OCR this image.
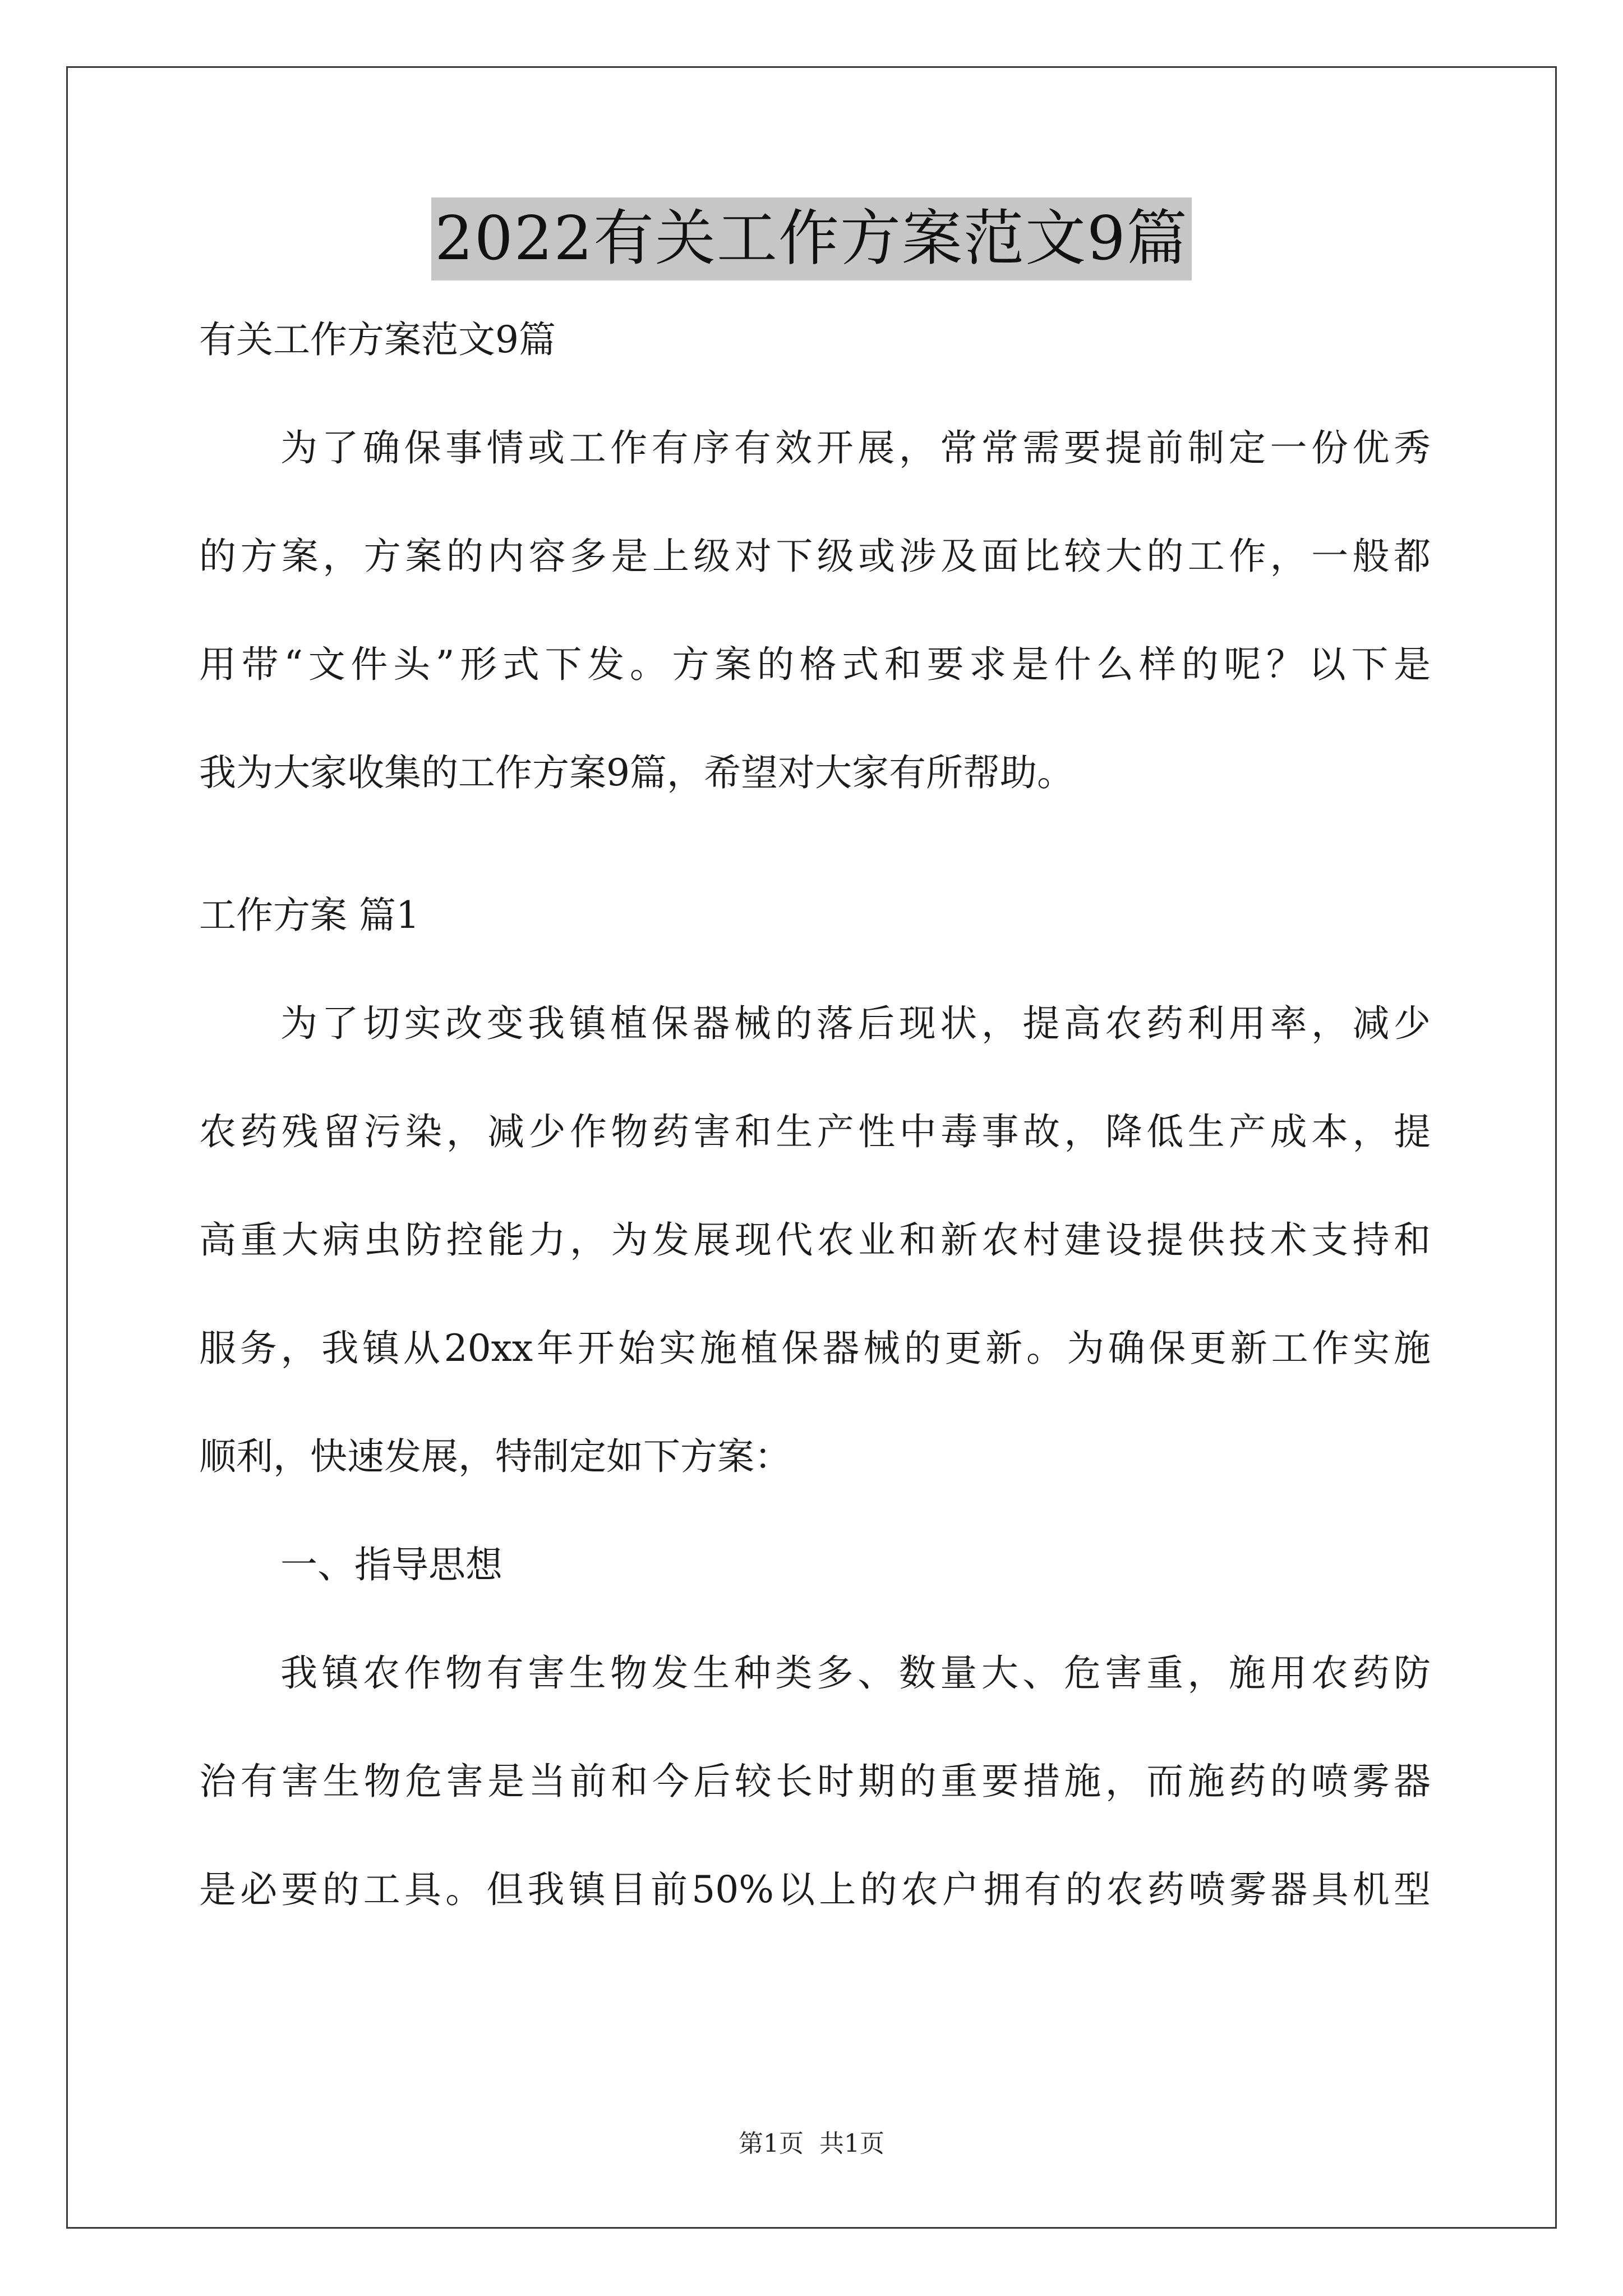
2022有关工作方案范文9篇
有关工作方案范文9篇
为了确保事情或工作有序有效开展，常常需要提前制定一份优秀
的方案，方案的内容多是上级对下级或涉及面比较大的工作，一般都
用带“文件头”形式下发。方案的格式和要求是什么样的呢？以下是
我为大家收集的工作方案9篇，希望对大家有所帮助。
工作方案 篇1
为了切实改变我镇植保器械的落后现状，提高农药利用率，减少
农药残留污染，减少作物药害和生产性中毒事故，降低生产成本，提
高重大病虫防控能力，为发展现代农业和新农村建设提供技术支持和
服务，我镇从20xx年开始实施植保器械的更新。为确保更新工作实施
顺利，快速发展，特制定如下方案：
一、指导思想
我镇农作物有害生物发生种类多、数量大、危害重，施用农药防
治有害生物危害是当前和今后较长时期的重要措施，而施药的喷雾器
是必要的工具。但我镇目前50%以上的农户拥有的农药喷雾器具机型
第1页 共1页
